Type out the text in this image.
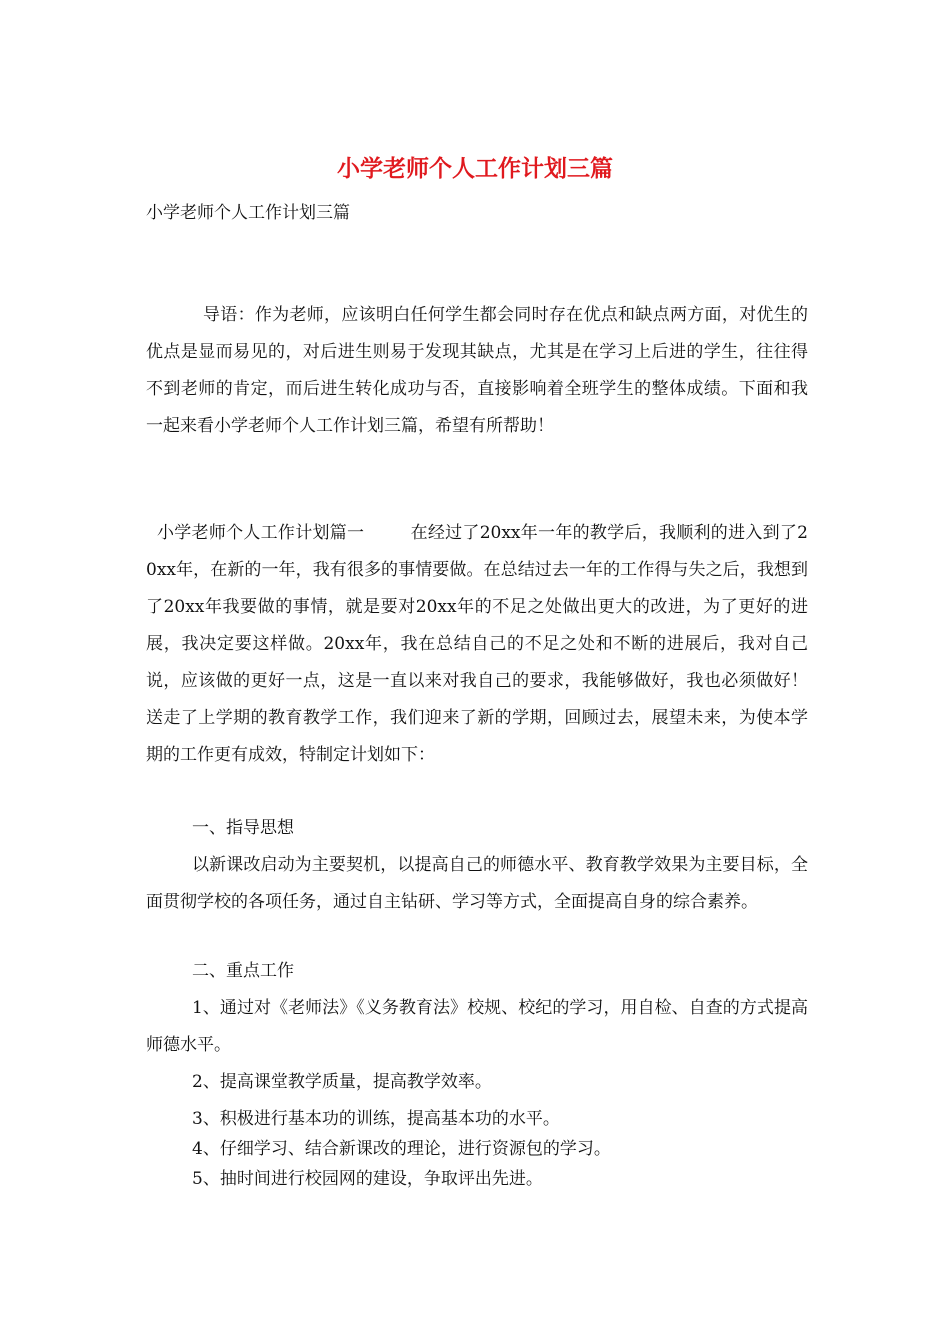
小学老师个人工作计划三篇
小学老师个人工作计划三篇
导语：作为老师，应该明白任何学生都会同时存在优点和缺点两方面，对优生的优点是显而易见的，对后进生则易于发现其缺点，尤其是在学习上后进的学生，往往得不到老师的肯定，而后进生转化成功与否，直接影响着全班学生的整体成绩。下面和我一起来看小学老师个人工作计划三篇，希望有所帮助！
小学老师个人工作计划篇一	在经过了20xx年一年的教学后，我顺利的进入到了20xx年，在新的一年，我有很多的事情要做。在总结过去一年的工作得与失之后，我想到了20xx年我要做的事情，就是要对20xx年的不足之处做出更大的改进，为了更好的进展，我决定要这样做。20xx年，我在总结自己的不足之处和不断的进展后，我对自己说，应该做的更好一点，这是一直以来对我自己的要求，我能够做好，我也必须做好！送走了上学期的教育教学工作，我们迎来了新的学期，回顾过去，展望未来，为使本学期的工作更有成效，特制定计划如下：
一、指导思想
以新课改启动为主要契机，以提高自己的师德水平、教育教学效果为主要目标，全面贯彻学校的各项任务，通过自主钻研、学习等方式，全面提高自身的综合素养。
二、重点工作
1、通过对《老师法》《义务教育法》校规、校纪的学习，用自检、自查的方式提高师德水平。
2、提高课堂教学质量，提高教学效率。
3、积极进行基本功的训练，提高基本功的水平。
4、仔细学习、结合新课改的理论，进行资源包的学习。
5、抽时间进行校园网的建设，争取评出先进。
